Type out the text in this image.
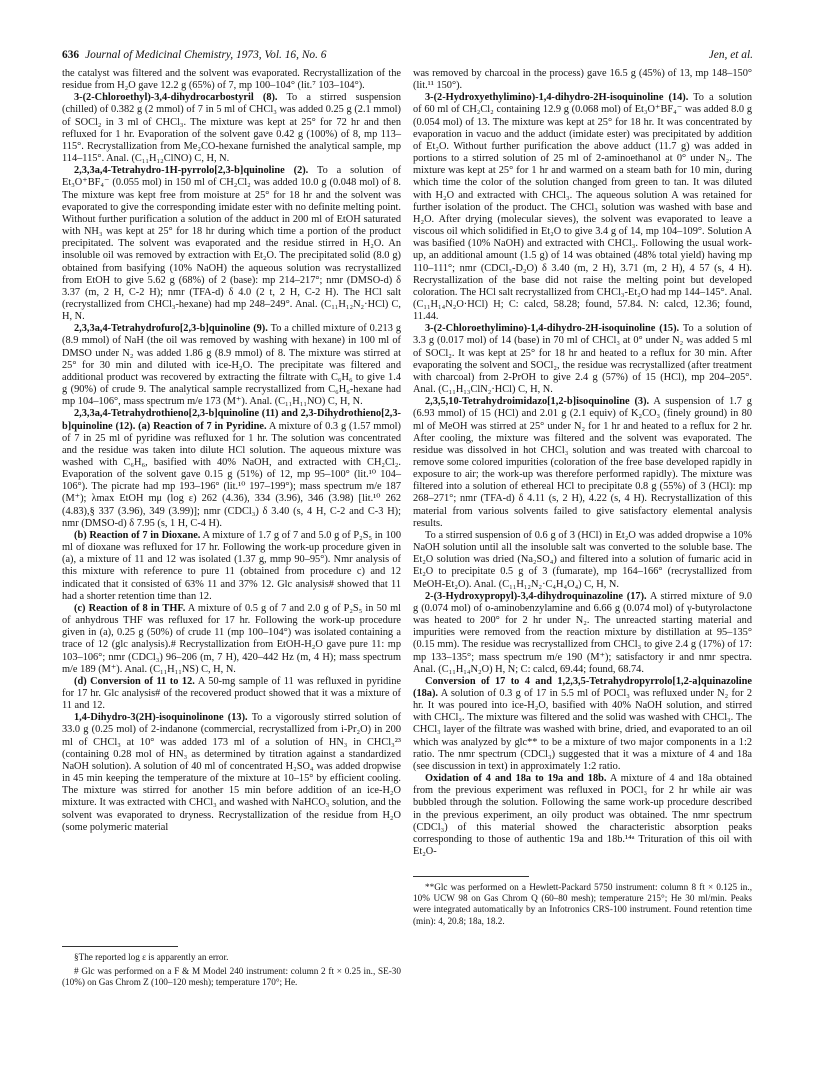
636 Journal of Medicinal Chemistry, 1973, Vol. 16, No. 6	Jen, et al.

the catalyst was filtered and the solvent was evaporated. Recrystallization of the residue from H₂O gave 12.2 g (65%) of 7, mp 100–104° (lit.⁷ 103–104°).

3-(2-Chloroethyl)-3,4-dihydrocarbostyril (8). To a stirred suspension (chilled) of 0.382 g (2 mmol) of 7 in 5 ml of CHCl₃ was added 0.25 g (2.1 mmol) of SOCl₂ in 3 ml of CHCl₃. The mixture was kept at 25° for 72 hr and then refluxed for 1 hr. Evaporation of the solvent gave 0.42 g (100%) of 8, mp 113–115°. Recrystallization from Me₂CO-hexane furnished the analytical sample, mp 114–115°. Anal. (C₁₁H₁₂ClNO) C, H, N.

2,3,3a,4-Tetrahydro-1H-pyrrolo[2,3-b]quinoline (2). To a solution of Et₃O⁺BF₄⁻ (0.055 mol) in 150 ml of CH₂Cl₂ was added 10.0 g (0.048 mol) of 8. The mixture was kept free from moisture at 25° for 18 hr and the solvent was evaporated to give the corresponding imidate ester with no definite melting point. Without further purification a solution of the adduct in 200 ml of EtOH saturated with NH₃ was kept at 25° for 18 hr during which time a portion of the product precipitated. The solvent was evaporated and the residue stirred in H₂O. An insoluble oil was removed by extraction with Et₂O. The precipitated solid (8.0 g) obtained from basifying (10% NaOH) the aqueous solution was recrystallized from EtOH to give 5.62 g (68%) of 2 (base): mp 214–217°; nmr (DMSO-d) δ 3.37 (m, 2 H, C-2 H); nmr (TFA-d) δ 4.0 (2 t, 2 H, C-2 H). The HCl salt (recrystallized from CHCl₃-hexane) had mp 248–249°. Anal. (C₁₁H₁₂N₂·HCl) C, H, N.

2,3,3a,4-Tetrahydrofuro[2,3-b]quinoline (9). To a chilled mixture of 0.213 g (8.9 mmol) of NaH (the oil was removed by washing with hexane) in 100 ml of DMSO under N₂ was added 1.86 g (8.9 mmol) of 8. The mixture was stirred at 25° for 30 min and diluted with ice-H₂O. The precipitate was filtered and additional product was recovered by extracting the filtrate with C₆H₆ to give 1.4 g (90%) of crude 9. The analytical sample recrystallized from C₆H₆-hexane had mp 104–106°, mass spectrum m/e 173 (M⁺). Anal. (C₁₁H₁₁NO) C, H, N.

2,3,3a,4-Tetrahydrothieno[2,3-b]quinoline (11) and 2,3-Dihydrothieno[2,3-b]quinoline (12). (a) Reaction of 7 in Pyridine. A mixture of 0.3 g (1.57 mmol) of 7 in 25 ml of pyridine was refluxed for 1 hr. The solution was concentrated and the residue was taken into dilute HCl solution. The aqueous mixture was washed with C₆H₆, basified with 40% NaOH, and extracted with CH₂Cl₂. Evaporation of the solvent gave 0.15 g (51%) of 12, mp 95–100° (lit.¹⁰ 104–106°). The picrate had mp 193–196° (lit.¹⁰ 197–199°); mass spectrum m/e 187 (M⁺); λmax EtOH mμ (log ε) 262 (4.36), 334 (3.96), 346 (3.98) [lit.¹⁰ 262 (4.83),§ 337 (3.96), 349 (3.99)]; nmr (CDCl₃) δ 3.40 (s, 4 H, C-2 and C-3 H); nmr (DMSO-d) δ 7.95 (s, 1 H, C-4 H).

(b) Reaction of 7 in Dioxane. A mixture of 1.7 g of 7 and 5.0 g of P₂S₅ in 100 ml of dioxane was refluxed for 17 hr. Following the work-up procedure given in (a), a mixture of 11 and 12 was isolated (1.37 g, mmp 90–95°). Nmr analysis of this mixture with reference to pure 11 (obtained from procedure c) and 12 indicated that it consisted of 63% 11 and 37% 12. Glc analysis# showed that 11 had a shorter retention time than 12.

(c) Reaction of 8 in THF. A mixture of 0.5 g of 7 and 2.0 g of P₂S₅ in 50 ml of anhydrous THF was refluxed for 17 hr. Following the work-up procedure given in (a), 0.25 g (50%) of crude 11 (mp 100–104°) was isolated containing a trace of 12 (glc analysis).# Recrystallization from EtOH-H₂O gave pure 11: mp 103–106°; nmr (CDCl₃) 96–206 (m, 7 H), 420–442 Hz (m, 4 H); mass spectrum m/e 189 (M⁺). Anal. (C₁₁H₁₁NS) C, H, N.

(d) Conversion of 11 to 12. A 50-mg sample of 11 was refluxed in pyridine for 17 hr. Glc analysis# of the recovered product showed that it was a mixture of 11 and 12.

1,4-Dihydro-3(2H)-isoquinolinone (13). To a vigorously stirred solution of 33.0 g (0.25 mol) of 2-indanone (commercial, recrystallized from i-Pr₂O) in 200 ml of CHCl₃ at 10° was added 173 ml of a solution of HN₃ in CHCl₃²³ (containing 0.28 mol of HN₃ as determined by titration against a standardized NaOH solution). A solution of 40 ml of concentrated H₂SO₄ was added dropwise in 45 min keeping the temperature of the mixture at 10–15° by efficient cooling. The mixture was stirred for another 15 min before addition of an ice-H₂O mixture. It was extracted with CHCl₃ and washed with NaHCO₃ solution, and the solvent was evaporated to dryness. Recrystallization of the residue from H₂O (some polymeric material

was removed by charcoal in the process) gave 16.5 g (45%) of 13, mp 148–150° (lit.¹¹ 150°).

3-(2-Hydroxyethylimino)-1,4-dihydro-2H-isoquinoline (14). To a solution of 60 ml of CH₂Cl₂ containing 12.9 g (0.068 mol) of Et₃O⁺BF₄⁻ was added 8.0 g (0.054 mol) of 13. The mixture was kept at 25° for 18 hr. It was concentrated by evaporation in vacuo and the adduct (imidate ester) was precipitated by addition of Et₂O. Without further purification the above adduct (11.7 g) was added in portions to a stirred solution of 25 ml of 2-aminoethanol at 0° under N₂. The mixture was kept at 25° for 1 hr and warmed on a steam bath for 10 min, during which time the color of the solution changed from green to tan. It was diluted with H₂O and extracted with CHCl₃. The aqueous solution A was retained for further isolation of the product. The CHCl₃ solution was washed with base and H₂O. After drying (molecular sieves), the solvent was evaporated to leave a viscous oil which solidified in Et₂O to give 3.4 g of 14, mp 104–109°. Solution A was basified (10% NaOH) and extracted with CHCl₃. Following the usual work-up, an additional amount (1.5 g) of 14 was obtained (48% total yield) having mp 110–111°; nmr (CDCl₃-D₂O) δ 3.40 (m, 2 H), 3.71 (m, 2 H), 4 57 (s, 4 H). Recrystallization of the base did not raise the melting point but developed coloration. The HCl salt recrystallized from CHCl₃-Et₂O had mp 144–145°. Anal. (C₁₁H₁₄N₂O·HCl) H; C: calcd, 58.28; found, 57.84. N: calcd, 12.36; found, 11.44.

3-(2-Chloroethylimino)-1,4-dihydro-2H-isoquinoline (15). To a solution of 3.3 g (0.017 mol) of 14 (base) in 70 ml of CHCl₃ at 0° under N₂ was added 5 ml of SOCl₂. It was kept at 25° for 18 hr and heated to a reflux for 30 min. After evaporating the solvent and SOCl₂, the residue was recrystallized (after treatment with charcoal) from 2-PrOH to give 2.4 g (57%) of 15 (HCl), mp 204–205°. Anal. (C₁₁H₁₃ClN₂·HCl) C, H, N.

2,3,5,10-Tetrahydroimidazo[1,2-b]isoquinoline (3). A suspension of 1.7 g (6.93 mmol) of 15 (HCl) and 2.01 g (2.1 equiv) of K₂CO₃ (finely ground) in 80 ml of MeOH was stirred at 25° under N₂ for 1 hr and heated to a reflux for 2 hr. After cooling, the mixture was filtered and the solvent was evaporated. The residue was dissolved in hot CHCl₃ solution and was treated with charcoal to remove some colored impurities (coloration of the free base developed rapidly in exposure to air; the work-up was therefore performed rapidly). The mixture was filtered into a solution of ethereal HCl to precipitate 0.8 g (55%) of 3 (HCl): mp 268–271°; nmr (TFA-d) δ 4.11 (s, 2 H), 4.22 (s, 4 H). Recrystallization of this material from various solvents failed to give satisfactory elemental analysis results.

To a stirred suspension of 0.6 g of 3 (HCl) in Et₂O was added dropwise a 10% NaOH solution until all the insoluble salt was converted to the soluble base. The Et₂O solution was dried (Na₂SO₄) and filtered into a solution of fumaric acid in Et₂O to precipitate 0.5 g of 3 (fumarate), mp 164–166° (recrystallized from MeOH-Et₂O). Anal. (C₁₁H₁₂N₂·C₄H₄O₄) C, H, N.

2-(3-Hydroxypropyl)-3,4-dihydroquinazoline (17). A stirred mixture of 9.0 g (0.074 mol) of o-aminobenzylamine and 6.66 g (0.074 mol) of γ-butyrolactone was heated to 200° for 2 hr under N₂. The unreacted starting material and impurities were removed from the reaction mixture by distillation at 95–135° (0.15 mm). The residue was recrystallized from CHCl₃ to give 2.4 g (17%) of 17: mp 133–135°; mass spectrum m/e 190 (M⁺); satisfactory ir and nmr spectra. Anal. (C₁₁H₁₄N₂O) H, N; C: calcd, 69.44; found, 68.74.

Conversion of 17 to 4 and 1,2,3,5-Tetrahydropyrrolo[1,2-a]quinazoline (18a). A solution of 0.3 g of 17 in 5.5 ml of POCl₃ was refluxed under N₂ for 2 hr. It was poured into ice-H₂O, basified with 40% NaOH solution, and stirred with CHCl₃. The mixture was filtered and the solid was washed with CHCl₃. The CHCl₃ layer of the filtrate was washed with brine, dried, and evaporated to an oil which was analyzed by glc** to be a mixture of two major components in a 1:2 ratio. The nmr spectrum (CDCl₃) suggested that it was a mixture of 4 and 18a (see discussion in text) in approximately 1:2 ratio.

Oxidation of 4 and 18a to 19a and 18b. A mixture of 4 and 18a obtained from the previous experiment was refluxed in POCl₃ for 2 hr while air was bubbled through the solution. Following the same work-up procedure described in the previous experiment, an oily product was obtained. The nmr spectrum (CDCl₃) of this material showed the characteristic absorption peaks corresponding to those of authentic 19a and 18b.¹⁴ᵃ Trituration of this oil with Et₂O-

§The reported log ε is apparently an error.

# Glc was performed on a F & M Model 240 instrument: column 2 ft × 0.25 in., SE-30 (10%) on Gas Chrom Z (100–120 mesh); temperature 170°; He.

**Glc was performed on a Hewlett-Packard 5750 instrument: column 8 ft × 0.125 in., 10% UCW 98 on Gas Chrom Q (60–80 mesh); temperature 215°; He 30 ml/min. Peaks were integrated automatically by an Infotronics CRS-100 instrument. Found retention time (min): 4, 20.8; 18a, 18.2.
